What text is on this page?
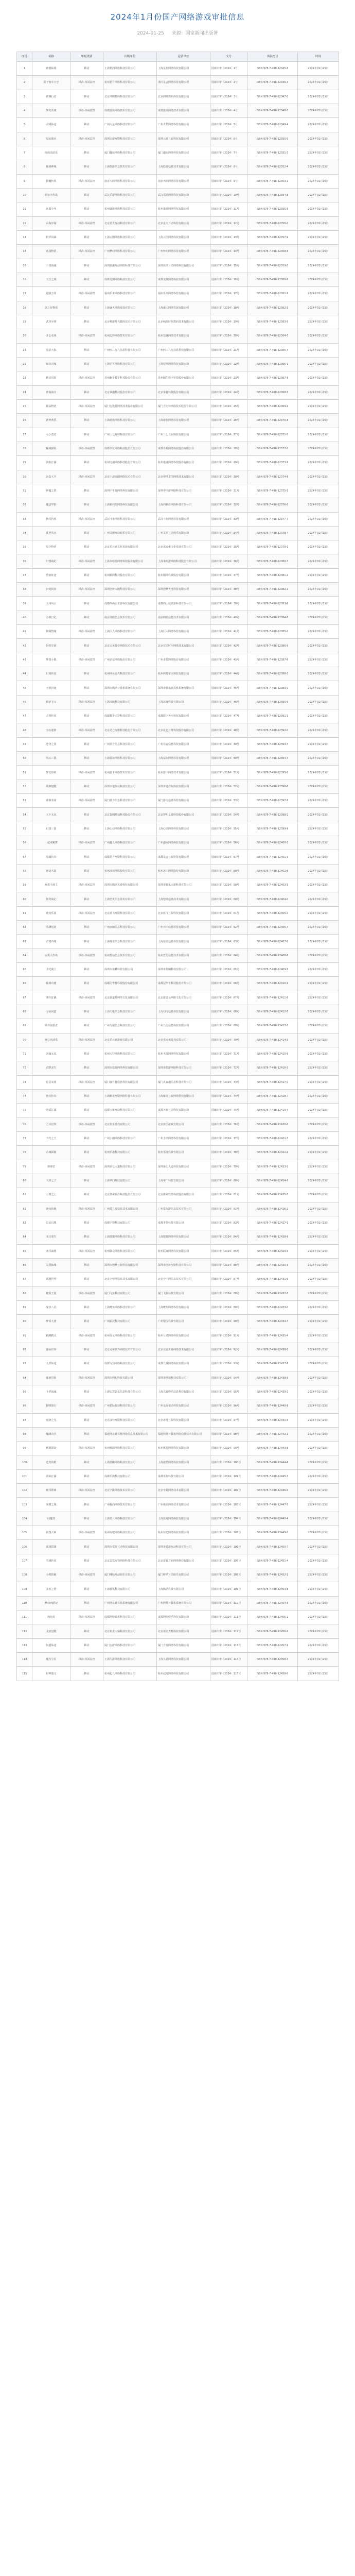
2024年1月份国产网络游戏审批信息
2024-01-25 来源：国家新闻出版署
序号	名称	申报类别	出版单位	运营单位	文号	出版物号	时间
1	神器仙境	移动	上海星润网络科技有限公司	上海星润网络科技有限公司	国新出审〔2024〕1号	ISBN 978-7-498-12345-6	2024年01月25日
2	原子塞车大亨	移动-休闲益智	杭州星言网络科技有限公司	浙江星言网络科技有限公司	国新出审〔2024〕2号	ISBN 978-7-498-12346-3	2024年01月25日
3	侠客行者	移动	北京网映数码科技有限公司	北京网映数码科技有限公司	国新出审〔2024〕3号	ISBN 978-7-498-12347-0	2024年01月25日
4	梦幻英雄	移动-休闲益智	成都游侠网络技术有限公司	成都游侠网络技术有限公司	国新出审〔2024〕4号	ISBN 978-7-498-12348-7	2024年01月25日
5	灵域仙途	移动	广州火星网络科技有限公司	广州火星网络科技有限公司	国新出审〔2024〕5号	ISBN 978-7-498-12349-4	2024年01月25日
6	星际骑兵	移动-休闲益智	深圳云游互娱科技有限公司	深圳云游互娱科技有限公司	国新出审〔2024〕6号	ISBN 978-7-498-12350-0	2024年01月25日
7	泡泡消消乐	移动	厦门趣玩网络科技有限公司	厦门趣玩网络科技有限公司	国新出审〔2024〕7号	ISBN 978-7-498-12351-7	2024年01月25日
8	仙剑神域	移动	上海悠游信息技术有限公司	上海悠游信息技术有限公司	国新出审〔2024〕8号	ISBN 978-7-498-12352-4	2024年01月25日
9	猎魔传说	移动-休闲益智	南京天码网络科技有限公司	南京天码网络科技有限公司	国新出审〔2024〕9号	ISBN 978-7-498-12353-1	2024年01月25日
10	萌宠大作战	移动	武汉乐游网络科技有限公司	武汉乐游网络科技有限公司	国新出审〔2024〕10号	ISBN 978-7-498-12354-8	2024年01月25日
11	江湖少年	移动	杭州盛游网络科技有限公司	杭州盛游网络科技有限公司	国新出审〔2024〕11号	ISBN 978-7-498-12355-5	2024年01月25日
12	山海异闻	移动-休闲益智	北京星火互动科技有限公司	北京星火互动科技有限公司	国新出审〔2024〕12号	ISBN 978-7-498-12356-2	2024年01月25日
13	机甲风暴	移动	上海云图网络科技有限公司	上海云图网络科技有限公司	国新出审〔2024〕13号	ISBN 978-7-498-12357-9	2024年01月25日
14	花园物语	移动-休闲益智	广州梦幻网络科技有限公司	广州梦幻网络科技有限公司	国新出审〔2024〕14号	ISBN 978-7-498-12358-6	2024年01月25日
15	三国战魂	移动	深圳蓝港互动网络科技有限公司	深圳蓝港互动网络科技有限公司	国新出审〔2024〕15号	ISBN 978-7-498-12359-3	2024年01月25日
16	天空之城	移动	成都龙渊网络科技有限公司	成都龙渊网络科技有限公司	国新出审〔2024〕16号	ISBN 978-7-498-12360-9	2024年01月25日
17	超级方块	移动-休闲益智	福州乐米网络科技有限公司	福州乐米网络科技有限公司	国新出审〔2024〕17号	ISBN 978-7-498-12361-6	2024年01月25日
18	龙之谷物语	移动	上海盛大网络发展有限公司	上海盛大网络发展有限公司	国新出审〔2024〕18号	ISBN 978-7-498-12362-3	2024年01月25日
19	武林至尊	移动	北京畅游时代数码技术有限公司	北京畅游时代数码技术有限公司	国新出审〔2024〕19号	ISBN 978-7-498-12363-0	2024年01月25日
20	开心农场	移动-休闲益智	杭州边锋网络技术有限公司	杭州边锋网络技术有限公司	国新出审〔2024〕20号	ISBN 978-7-498-12364-7	2024年01月25日
21	星辰大海	移动	广州四三九九信息科技有限公司	广州四三九九信息科技有限公司	国新出审〔2024〕21号	ISBN 978-7-498-12365-4	2024年01月25日
22	仙侠奇缘	移动	上海恺英网络科技有限公司	上海恺英网络科技有限公司	国新出审〔2024〕22号	ISBN 978-7-498-12366-1	2024年01月25日
23	精灵冒险	移动-休闲益智	苏州蜗牛数字科技股份有限公司	苏州蜗牛数字科技股份有限公司	国新出审〔2024〕23号	ISBN 978-7-498-12367-8	2024年01月25日
24	铁血战车	移动	北京掌趣科技股份有限公司	北京掌趣科技股份有限公司	国新出审〔2024〕24号	ISBN 978-7-498-12368-5	2024年01月25日
25	甜品物语	移动-休闲益智	厦门吉比特网络技术股份有限公司	厦门吉比特网络技术股份有限公司	国新出审〔2024〕25号	ISBN 978-7-498-12369-2	2024年01月25日
26	诸神黄昏	移动	上海游族网络科技有限公司	上海游族网络科技有限公司	国新出审〔2024〕26号	ISBN 978-7-498-12370-8	2024年01月25日
27	小小勇者	移动	广州三七互娱科技有限公司	广州三七互娱科技有限公司	国新出审〔2024〕27号	ISBN 978-7-498-12371-5	2024年01月25日
28	秘境探险	移动-休闲益智	成都卓杭网络科技股份有限公司	成都卓杭网络科技股份有限公司	国新出审〔2024〕28号	ISBN 978-7-498-12372-2	2024年01月25日
29	剑影江湖	移动	杭州电魂网络科技股份有限公司	杭州电魂网络科技股份有限公司	国新出审〔2024〕29号	ISBN 978-7-498-12373-9	2024年01月25日
30	海岛大亨	移动-休闲益智	北京中清龙图网络技术有限公司	北京中清龙图网络技术有限公司	国新出审〔2024〕30号	ISBN 978-7-498-12374-6	2024年01月25日
31	神魔之塔	移动	深圳中手游网络科技有限公司	深圳中手游网络科技有限公司	国新出审〔2024〕31号	ISBN 978-7-498-12375-3	2024年01月25日
32	魔法学院	移动	上海莉莉丝网络科技有限公司	上海莉莉丝网络科技有限公司	国新出审〔2024〕32号	ISBN 978-7-498-12376-0	2024年01月25日
33	快乐钓鱼	移动-休闲益智	武汉斗鱼网络科技有限公司	武汉斗鱼网络科技有限公司	国新出审〔2024〕33号	ISBN 978-7-498-12377-7	2024年01月25日
34	乱世英杰	移动	广州灵犀互动娱乐有限公司	广州灵犀互动娱乐有限公司	国新出审〔2024〕34号	ISBN 978-7-498-12378-4	2024年01月25日
35	星空物语	移动	北京乐元素文化发展有限公司	北京乐元素文化发展有限公司	国新出审〔2024〕35号	ISBN 978-7-498-12379-1	2024年01月25日
36	幻想战纪	移动-休闲益智	上海米哈游网络科技股份有限公司	上海米哈游网络科技股份有限公司	国新出审〔2024〕36号	ISBN 978-7-498-12380-7	2024年01月25日
37	烈焰征途	移动	杭州顺网科技股份有限公司	杭州顺网科技股份有限公司	国新出审〔2024〕37号	ISBN 978-7-498-12381-4	2024年01月25日
38	百变厨房	移动-休闲益智	深圳创梦天地科技有限公司	深圳创梦天地科技有限公司	国新出审〔2024〕38号	ISBN 978-7-498-12382-1	2024年01月25日
39	九州风云	移动	成都西山居世游科技有限公司	成都西山居世游科技有限公司	国新出审〔2024〕39号	ISBN 978-7-498-12383-8	2024年01月25日
40	小镇日记	移动	南京网眼信息技术有限公司	南京网眼信息技术有限公司	国新出审〔2024〕40号	ISBN 978-7-498-12384-5	2024年01月25日
41	御剑情缘	移动-休闲益智	上海巨人网络科技有限公司	上海巨人网络科技有限公司	国新出审〔2024〕41号	ISBN 978-7-498-12385-2	2024年01月25日
42	钢铁军团	移动	北京完美时空网络技术有限公司	北京完美时空网络技术有限公司	国新出审〔2024〕42号	ISBN 978-7-498-12386-9	2024年01月25日
43	梦想小镇	移动-休闲益智	广州多益网络股份有限公司	广州多益网络股份有限公司	国新出审〔2024〕43号	ISBN 978-7-498-12387-6	2024年01月25日
44	幻境传说	移动	杭州网易雷火科技有限公司	杭州网易雷火科技有限公司	国新出审〔2024〕44号	ISBN 978-7-498-12388-3	2024年01月25日
45	王者归途	移动	深圳市腾讯计算机系统有限公司	深圳市腾讯计算机系统有限公司	国新出审〔2024〕45号	ISBN 978-7-498-12389-0	2024年01月25日
46	极速飞车	移动-休闲益智	上海沐瞳科技有限公司	上海沐瞳科技有限公司	国新出审〔2024〕46号	ISBN 978-7-498-12390-6	2024年01月25日
47	灵兽传说	移动	成都数字天空科技有限公司	成都数字天空科技有限公司	国新出审〔2024〕47号	ISBN 978-7-498-12391-3	2024年01月25日
48	宝石迷阵	移动-休闲益智	北京昆仑万维科技股份有限公司	北京昆仑万维科技股份有限公司	国新出审〔2024〕48号	ISBN 978-7-498-12392-0	2024年01月25日
49	苍穹之剑	移动	广州菲音信息科技有限公司	广州菲音信息科技有限公司	国新出审〔2024〕49号	ISBN 978-7-498-12393-7	2024年01月25日
50	风云三国	移动	上海益玩网络科技有限公司	上海益玩网络科技有限公司	国新出审〔2024〕50号	ISBN 978-7-498-12394-4	2024年01月25日
51	梦幻岛屿	移动-休闲益智	杭州游卡网络技术有限公司	杭州游卡网络技术有限公司	国新出审〔2024〕51号	ISBN 978-7-498-12395-1	2024年01月25日
52	战神觉醒	移动	深圳市迷你玩科技有限公司	深圳市迷你玩科技有限公司	国新出审〔2024〕52号	ISBN 978-7-498-12396-8	2024年01月25日
53	萌萌农场	移动-休闲益智	厦门游力信息科技有限公司	厦门游力信息科技有限公司	国新出审〔2024〕53号	ISBN 978-7-498-12397-5	2024年01月25日
54	天下无双	移动	北京智明星通科技股份有限公司	北京智明星通科技股份有限公司	国新出审〔2024〕54号	ISBN 978-7-498-12398-2	2024年01月25日
55	幻想三国	移动	上海心动网络科技有限公司	上海心动网络科技有限公司	国新出审〔2024〕55号	ISBN 978-7-498-12399-9	2024年01月25日
56	一起来跳舞	移动-休闲益智	广州趣丸网络科技有限公司	广州趣丸网络科技有限公司	国新出审〔2024〕56号	ISBN 978-7-498-12400-2	2024年01月25日
57	星耀传奇	移动	成都星合互娱科技有限公司	成都星合互娱科技有限公司	国新出审〔2024〕57号	ISBN 978-7-498-12401-9	2024年01月25日
58	神话大陆	移动	杭州冰川网络股份有限公司	杭州冰川网络股份有限公司	国新出审〔2024〕58号	ISBN 978-7-498-12402-6	2024年01月25日
59	欢乐斗地主	移动-休闲益智	深圳市腾讯天游科技有限公司	深圳市腾讯天游科技有限公司	国新出审〔2024〕59号	ISBN 978-7-498-12403-3	2024年01月25日
60	屠龙战记	移动	上海恺英信息技术有限公司	上海恺英信息技术有限公司	国新出审〔2024〕60号	ISBN 978-7-498-12404-0	2024年01月25日
61	萌宠乐园	移动-休闲益智	北京蓝飞互娱科技有限公司	北京蓝飞互娱科技有限公司	国新出审〔2024〕61号	ISBN 978-7-498-12405-7	2024年01月25日
62	英雄远征	移动	广州百田信息科技有限公司	广州百田信息科技有限公司	国新出审〔2024〕62号	ISBN 978-7-498-12406-4	2024年01月25日
63	古剑奇缘	移动	上海烛龙信息科技有限公司	上海烛龙信息科技有限公司	国新出审〔2024〕63号	ISBN 978-7-498-12407-1	2024年01月25日
64	水果大作战	移动-休闲益智	杭州哲信信息技术有限公司	杭州哲信信息技术有限公司	国新出审〔2024〕64号	ISBN 978-7-498-12408-8	2024年01月25日
65	圣光骑士	移动	深圳市墨麟科技有限公司	深圳市墨麟科技有限公司	国新出审〔2024〕65号	ISBN 978-7-498-12409-5	2024年01月25日
66	仙境奇遇	移动	成都尼毕鲁科技股份有限公司	成都尼毕鲁科技股份有限公司	国新出审〔2024〕66号	ISBN 978-7-498-12410-1	2024年01月25日
67	赛车狂飙	移动-休闲益智	北京游道易网络文化有限公司	北京游道易网络文化有限公司	国新出审〔2024〕67号	ISBN 978-7-498-12411-8	2024年01月25日
68	寻仙问道	移动	上海幻电信息科技有限公司	上海幻电信息科技有限公司	国新出审〔2024〕68号	ISBN 978-7-498-12412-5	2024年01月25日
69	异界征服者	移动	广州九尾信息科技有限公司	广州九尾信息科技有限公司	国新出审〔2024〕69号	ISBN 978-7-498-12413-2	2024年01月25日
70	开心消消乐	移动-休闲益智	北京乐元素游戏有限公司	北京乐元素游戏有限公司	国新出审〔2024〕70号	ISBN 978-7-498-12414-9	2024年01月25日
71	剑魂无双	移动	杭州天穹网络科技有限公司	杭州天穹网络科技有限公司	国新出审〔2024〕71号	ISBN 978-7-498-12415-6	2024年01月25日
72	荒野求生	移动	深圳市悠游网络科技有限公司	深圳市悠游网络科技有限公司	国新出审〔2024〕72号	ISBN 978-7-498-12416-3	2024年01月25日
73	星星农场	移动-休闲益智	厦门真有趣信息科技有限公司	厦门真有趣信息科技有限公司	国新出审〔2024〕73号	ISBN 978-7-498-12417-0	2024年01月25日
74	神兵传奇	移动	上海紫龙互娱网络科技有限公司	上海紫龙互娱网络科技有限公司	国新出审〔2024〕74号	ISBN 978-7-498-12418-7	2024年01月25日
75	逍遥江湖	移动	成都天象互动科技有限公司	成都天象互动科技有限公司	国新出审〔2024〕75号	ISBN 978-7-498-12419-4	2024年01月25日
76	方块世界	移动-休闲益智	北京快手游戏有限公司	北京快手游戏有限公司	国新出审〔2024〕76号	ISBN 978-7-498-12420-0	2024年01月25日
77	不朽之王	移动	广州小朋网络科技有限公司	广州小朋网络科技有限公司	国新出审〔2024〕77号	ISBN 978-7-498-12421-7	2024年01月25日
78	古城探秘	移动	杭州乐港科技有限公司	杭州乐港科技有限公司	国新出审〔2024〕78号	ISBN 978-7-498-12422-4	2024年01月25日
79	弹弹堂	移动-休闲益智	深圳第七大道科技有限公司	深圳第七大道科技有限公司	国新出审〔2024〕79号	ISBN 978-7-498-12423-1	2024年01月25日
80	天命之子	移动	上海掌门科技有限公司	上海掌门科技有限公司	国新出审〔2024〕80号	ISBN 978-7-498-12424-8	2024年01月25日
81	云端之上	移动	北京像素软件科技股份有限公司	北京像素软件科技股份有限公司	国新出审〔2024〕81号	ISBN 978-7-498-12425-5	2024年01月25日
82	萌兔快跑	移动-休闲益智	广州爱九游信息技术有限公司	广州爱九游信息技术有限公司	国新出审〔2024〕82号	ISBN 978-7-498-12426-2	2024年01月25日
83	长安幻想	移动	成都手领科技有限公司	成都手领科技有限公司	国新出审〔2024〕83号	ISBN 978-7-498-12427-9	2024年01月25日
84	末日重生	移动	上海散爆网络科技有限公司	上海散爆网络科技有限公司	国新出审〔2024〕84号	ISBN 978-7-498-12428-6	2024年01月25日
85	欢乐麻将	移动-休闲益智	杭州联众网络科技有限公司	杭州联众网络科技有限公司	国新出审〔2024〕85号	ISBN 978-7-498-12429-3	2024年01月25日
86	灵剑仙缘	移动	深圳市创梦互娱科技有限公司	深圳市创梦互娱科技有限公司	国新出审〔2024〕86号	ISBN 978-7-498-12430-9	2024年01月25日
87	战舰世界	移动	北京空中网信息技术有限公司	北京空中网信息技术有限公司	国新出审〔2024〕87号	ISBN 978-7-498-12431-6	2024年01月25日
88	糖果王国	移动-休闲益智	厦门飞鱼科技有限公司	厦门飞鱼科技有限公司	国新出审〔2024〕88号	ISBN 978-7-498-12432-3	2024年01月25日
89	鬼谷八荒	移动	上海鹰角网络科技有限公司	上海鹰角网络科技有限公司	国新出审〔2024〕89号	ISBN 978-7-498-12433-0	2024年01月25日
90	梦回大唐	移动	广州银汉科技有限公司	广州银汉科技有限公司	国新出审〔2024〕90号	ISBN 978-7-498-12434-7	2024年01月25日
91	跳跳精灵	移动-休闲益智	杭州分叉网络科技有限公司	杭州分叉网络科技有限公司	国新出审〔2024〕91号	ISBN 978-7-498-12435-4	2024年01月25日
92	诛仙世界	移动	北京完美世界网络技术有限公司	北京完美世界网络技术有限公司	国新出审〔2024〕92号	ISBN 978-7-498-12436-1	2024年01月25日
93	九霄仙途	移动	成都九翎网络科技有限公司	成都九翎网络科技有限公司	国新出审〔2024〕93号	ISBN 978-7-498-12437-8	2024年01月25日
94	像素冒险	移动-休闲益智	深圳市网旭科技有限公司	深圳市网旭科技有限公司	国新出审〔2024〕94号	ISBN 978-7-498-12438-5	2024年01月25日
95	斗罗战魂	移动	上海玄霆娱乐信息科技有限公司	上海玄霆娱乐信息科技有限公司	国新出审〔2024〕95号	ISBN 978-7-498-12439-2	2024年01月25日
96	猫咪旅行	移动-休闲益智	广州星际悦动科技有限公司	广州星际悦动科技有限公司	国新出审〔2024〕96号	ISBN 978-7-498-12440-8	2024年01月25日
97	破晓之光	移动	北京冰穹互娱科技有限公司	北京冰穹互娱科技有限公司	国新出审〔2024〕97号	ISBN 978-7-498-12441-5	2024年01月25日
98	魔域奇兵	移动	福建网龙计算机网络信息技术有限公司	福建网龙计算机网络信息技术有限公司	国新出审〔2024〕98号	ISBN 978-7-498-12442-2	2024年01月25日
99	桃源深处	移动-休闲益智	杭州桃源网络科技有限公司	杭州桃源网络科技有限公司	国新出审〔2024〕99号	ISBN 978-7-498-12443-9	2024年01月25日
100	苍龙战歌	移动	上海游酷网络科技有限公司	上海游酷网络科技有限公司	国新出审〔2024〕100号	ISBN 978-7-498-12444-6	2024年01月25日
101	剑来江湖	移动	成都乐狗科技有限公司	成都乐狗科技有限公司	国新出审〔2024〕101号	ISBN 978-7-498-12445-3	2024年01月25日
102	快乐球球	移动-休闲益智	北京字跳网络技术有限公司	北京字跳网络技术有限公司	国新出审〔2024〕102号	ISBN 978-7-498-12446-0	2024年01月25日
103	荣耀之城	移动	广州极尚网络技术有限公司	广州极尚网络技术有限公司	国新出审〔2024〕103号	ISBN 978-7-498-12447-7	2024年01月25日
104	仙魔劫	移动	上海蓝月网络科技有限公司	上海蓝月网络科技有限公司	国新出审〔2024〕104号	ISBN 978-7-498-12448-4	2024年01月25日
105	拼图大师	移动-休闲益智	杭州玩吧网络科技有限公司	杭州玩吧网络科技有限公司	国新出审〔2024〕105号	ISBN 978-7-498-12449-1	2024年01月25日
106	战国群雄	移动	深圳市爱游互动科技有限公司	深圳市爱游互动科技有限公司	国新出审〔2024〕106号	ISBN 978-7-498-12450-7	2024年01月25日
107	雪域传说	移动	北京雷霆万钧网络科技有限公司	北京雷霆万钧网络科技有限公司	国新出审〔2024〕107号	ISBN 978-7-498-12451-4	2024年01月25日
108	小鸡快跑	移动-休闲益智	厦门咪咕互动娱乐有限公司	厦门咪咕互动娱乐有限公司	国新出审〔2024〕108号	ISBN 978-7-498-12452-1	2024年01月25日
109	永恒之塔	移动	上海腾讯科技有限公司	上海腾讯科技有限公司	国新出审〔2024〕109号	ISBN 978-7-498-12453-8	2024年01月25日
110	梦幻西游记	移动	广州网易计算机系统有限公司	广州网易计算机系统有限公司	国新出审〔2024〕110号	ISBN 978-7-498-12454-5	2024年01月25日
111	泡泡龙	移动-休闲益智	成都阿哈娱乐科技有限公司	成都阿哈娱乐科技有限公司	国新出审〔2024〕111号	ISBN 978-7-498-12455-2	2024年01月25日
112	龙族觉醒	移动	北京祖龙天畅科技有限公司	北京祖龙天畅科技有限公司	国新出审〔2024〕112号	ISBN 978-7-498-12456-9	2024年01月25日
113	问道仙途	移动	厦门吉游网络科技有限公司	厦门吉游网络科技有限公司	国新出审〔2024〕113号	ISBN 978-7-498-12457-6	2024年01月25日
114	魔力宝贝	移动-休闲益智	上海久游网络科技有限公司	上海久游网络科技有限公司	国新出审〔2024〕114号	ISBN 978-7-498-12458-3	2024年01月25日
115	封神演义	移动	杭州起凡网络科技有限公司	杭州起凡网络科技有限公司	国新出审〔2024〕115号	ISBN 978-7-498-12459-0	2024年01月25日
